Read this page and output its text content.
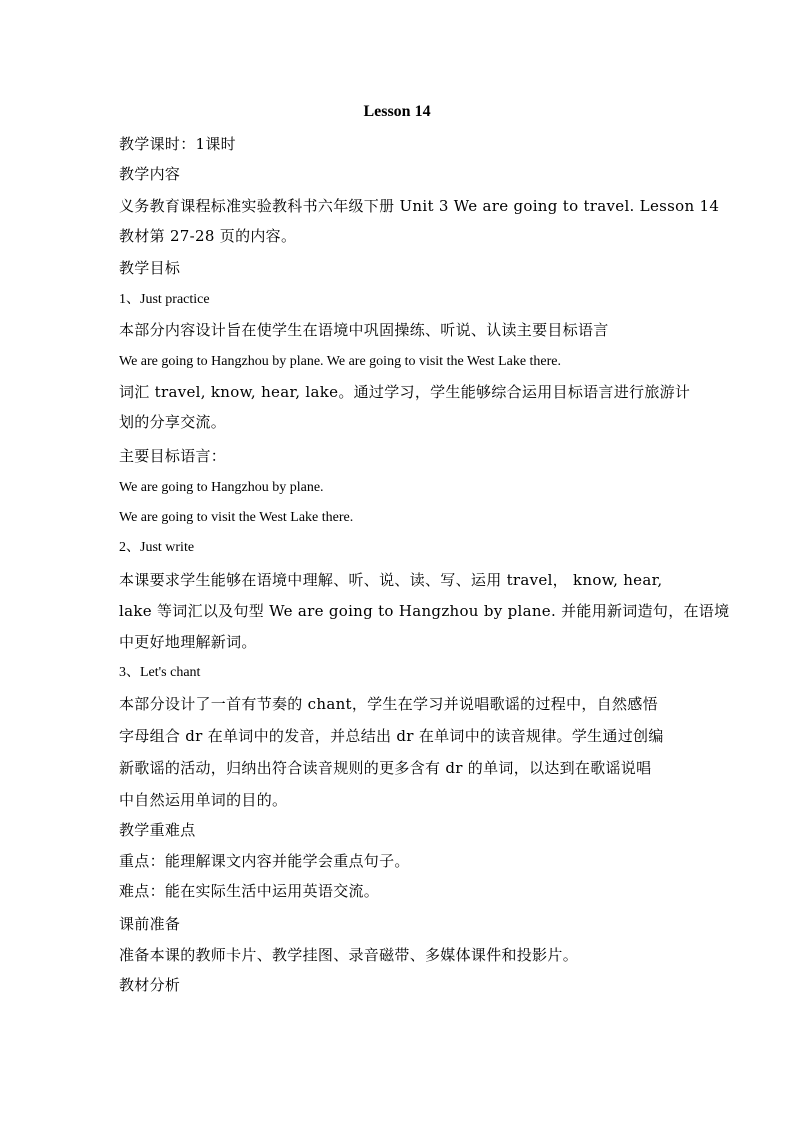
Lesson 14
教学课时：1课时
教学内容
义务教育课程标准实验教科书六年级下册 Unit 3 We are going to travel. Lesson 14
教材第 27-28 页的内容。
教学目标
1、Just practice
本部分内容设计旨在使学生在语境中巩固操练、听说、认读主要目标语言
We are going to Hangzhou by plane. We are going to visit the West Lake there.
词汇 travel, know, hear, lake。通过学习，学生能够综合运用目标语言进行旅游计
划的分享交流。
主要目标语言：
We are going to Hangzhou by plane.
We are going to visit the West Lake there.
2、Just write
本课要求学生能够在语境中理解、听、说、读、写、运用 travel， know, hear,
lake 等词汇以及句型 We are going to Hangzhou by plane. 并能用新词造句，在语境
中更好地理解新词。
3、Let's chant
本部分设计了一首有节奏的 chant，学生在学习并说唱歌谣的过程中，自然感悟
字母组合 dr 在单词中的发音，并总结出 dr 在单词中的读音规律。学生通过创编
新歌谣的活动，归纳出符合读音规则的更多含有 dr 的单词，以达到在歌谣说唱
中自然运用单词的目的。
教学重难点
重点：能理解课文内容并能学会重点句子。
难点：能在实际生活中运用英语交流。
课前准备
准备本课的教师卡片、教学挂图、录音磁带、多媒体课件和投影片。
教材分析
